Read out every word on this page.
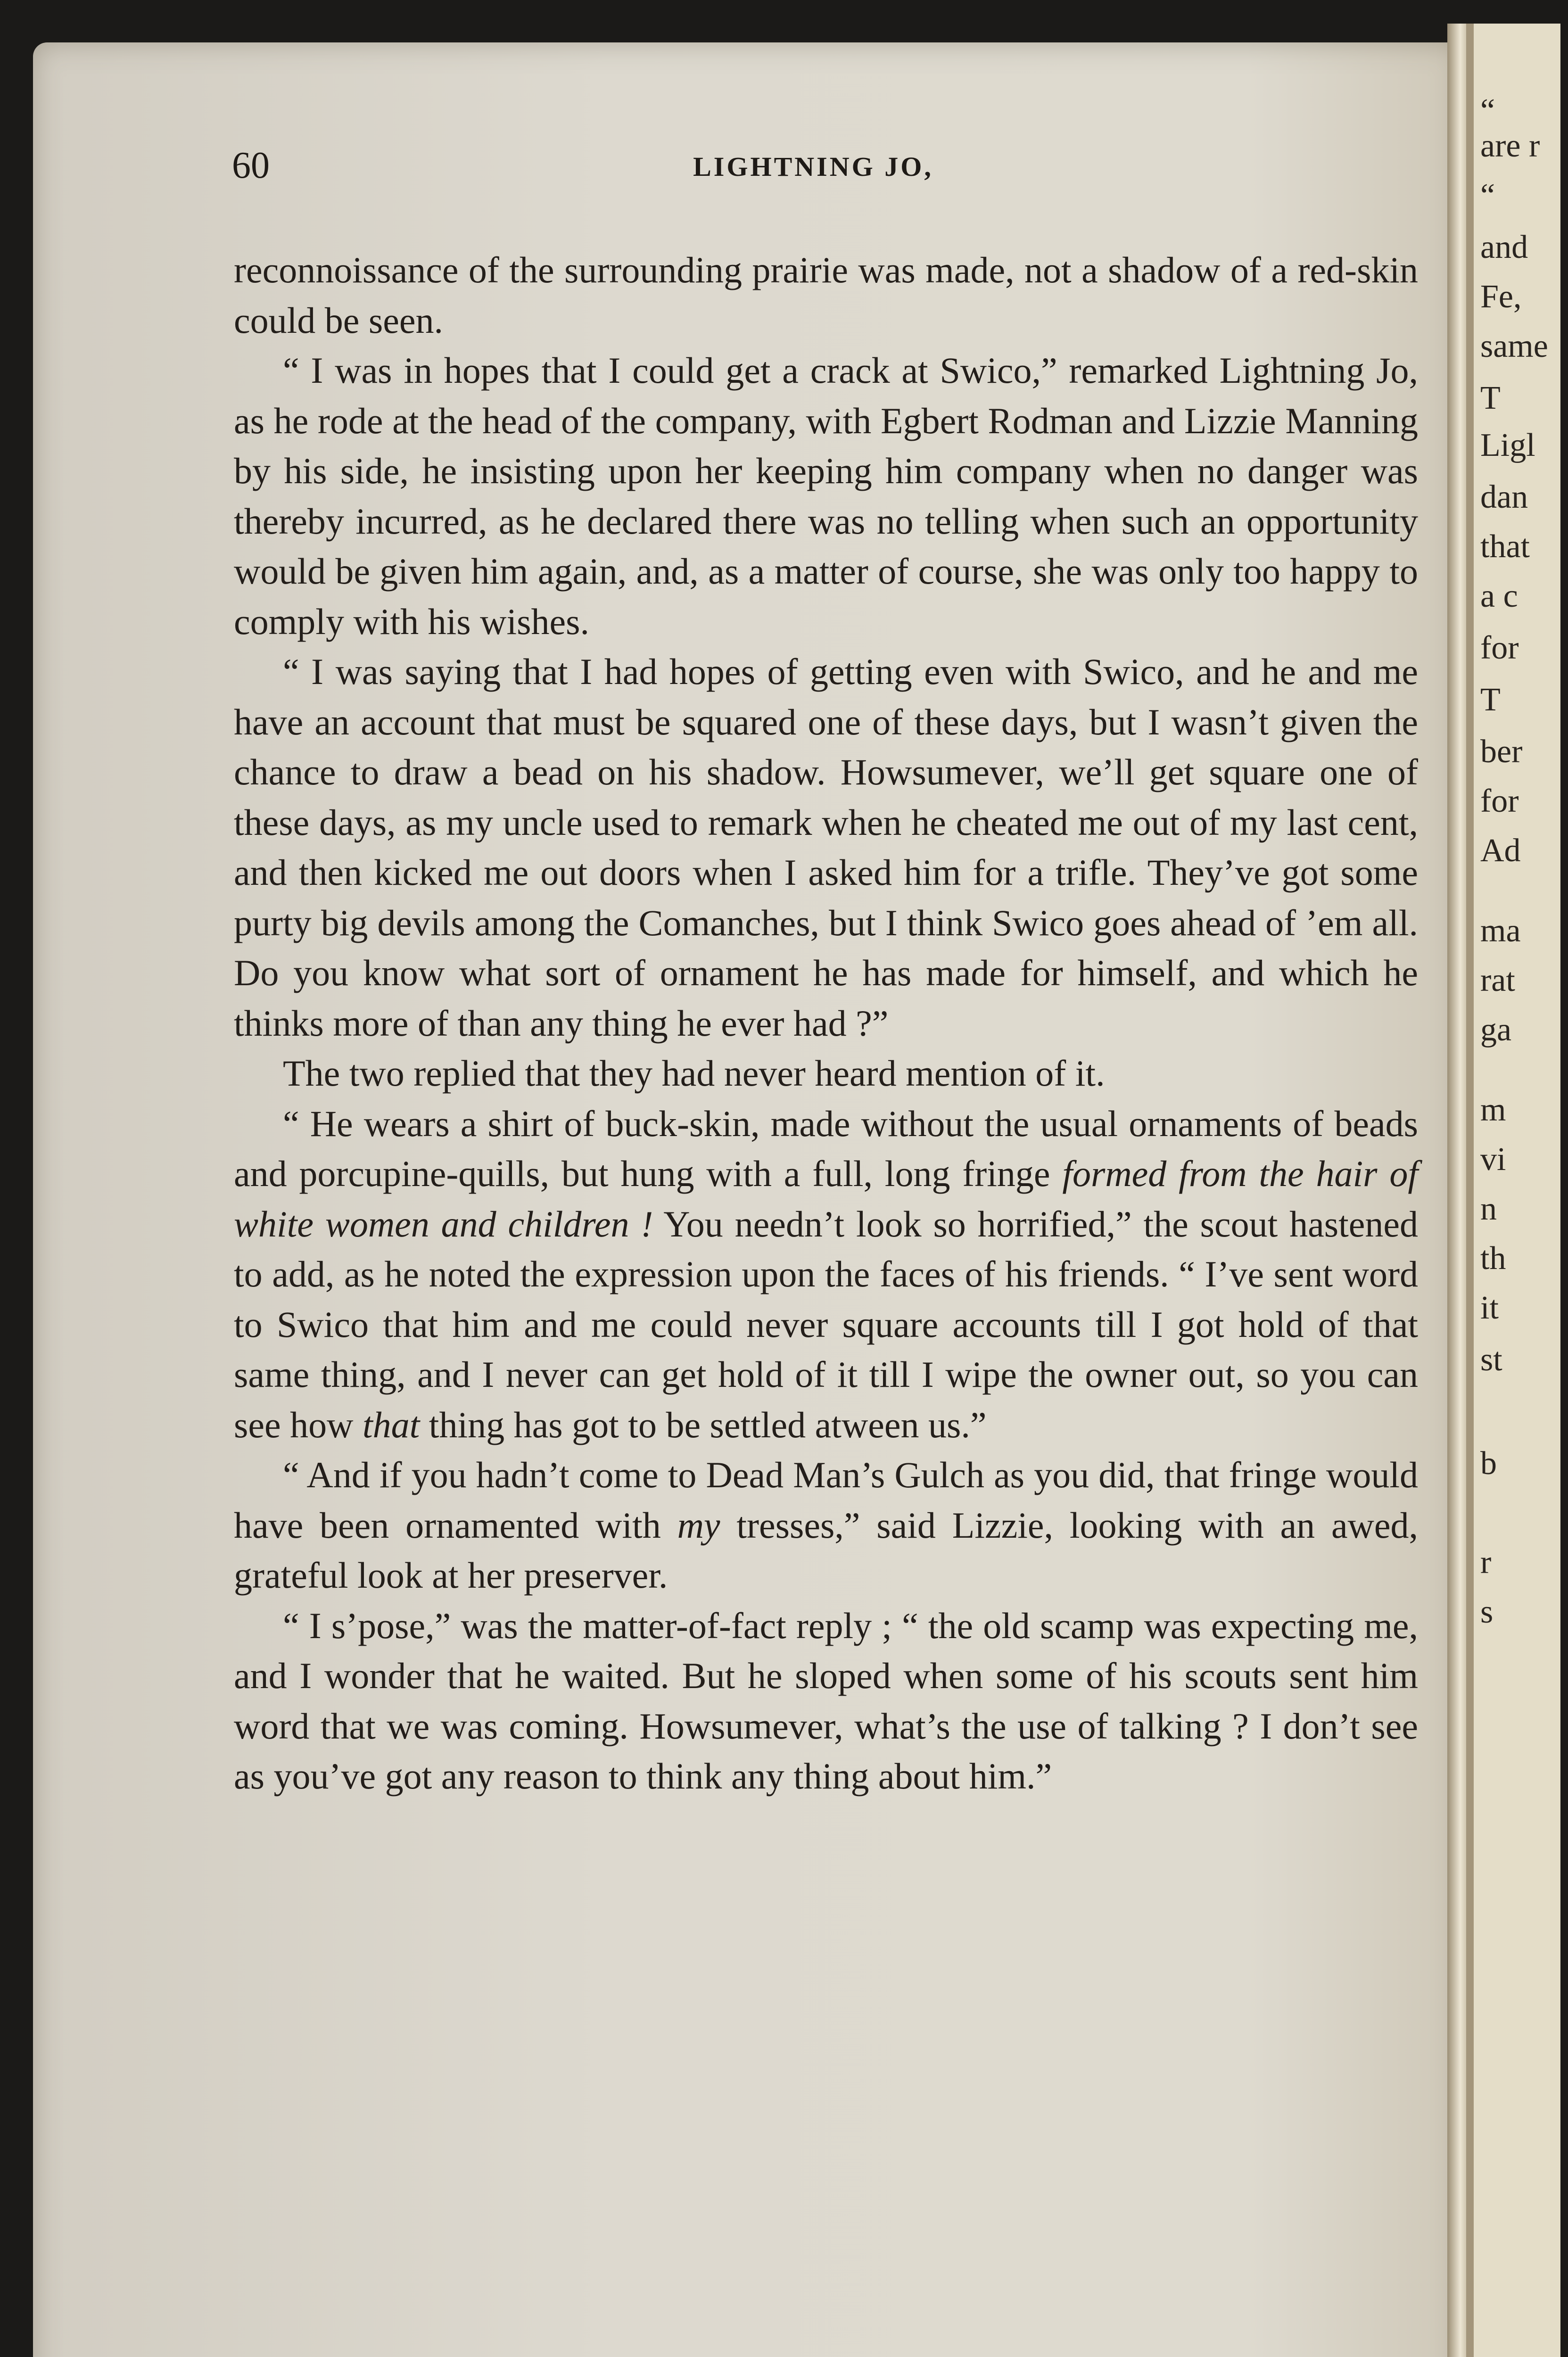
“
are r
“
and
Fe,
same
T
Ligl
dan
that
a c
for
T
ber
for
Ad
ma
rat
ga
m
vi
n
th
it
st
b
r
s
60	LIGHTNING JO,

reconnoissance of the surrounding prairie was made, not a shadow of a red-skin could be seen.

“ I was in hopes that I could get a crack at Swico,” remarked Lightning Jo, as he rode at the head of the company, with Egbert Rodman and Lizzie Manning by his side, he insisting upon her keeping him company when no danger was thereby incurred, as he declared there was no telling when such an opportunity would be given him again, and, as a matter of course, she was only too happy to comply with his wishes.

“ I was saying that I had hopes of getting even with Swico, and he and me have an account that must be squared one of these days, but I wasn’t given the chance to draw a bead on his shadow. Howsumever, we’ll get square one of these days, as my uncle used to remark when he cheated me out of my last cent, and then kicked me out doors when I asked him for a trifle. They’ve got some purty big devils among the Comanches, but I think Swico goes ahead of ’em all. Do you know what sort of ornament he has made for himself, and which he thinks more of than any thing he ever had ?”

The two replied that they had never heard mention of it.

“ He wears a shirt of buck-skin, made without the usual ornaments of beads and porcupine-quills, but hung with a full, long fringe formed from the hair of white women and children ! You needn’t look so horrified,” the scout hastened to add, as he noted the expression upon the faces of his friends. “ I’ve sent word to Swico that him and me could never square accounts till I got hold of that same thing, and I never can get hold of it till I wipe the owner out, so you can see how that thing has got to be settled atween us.”

“ And if you hadn’t come to Dead Man’s Gulch as you did, that fringe would have been ornamented with my tresses,” said Lizzie, looking with an awed, grateful look at her preserver.

“ I s’pose,” was the matter-of-fact reply ; “ the old scamp was expecting me, and I wonder that he waited. But he sloped when some of his scouts sent him word that we was coming. Howsumever, what’s the use of talking ? I don’t see as you’ve got any reason to think any thing about him.”
